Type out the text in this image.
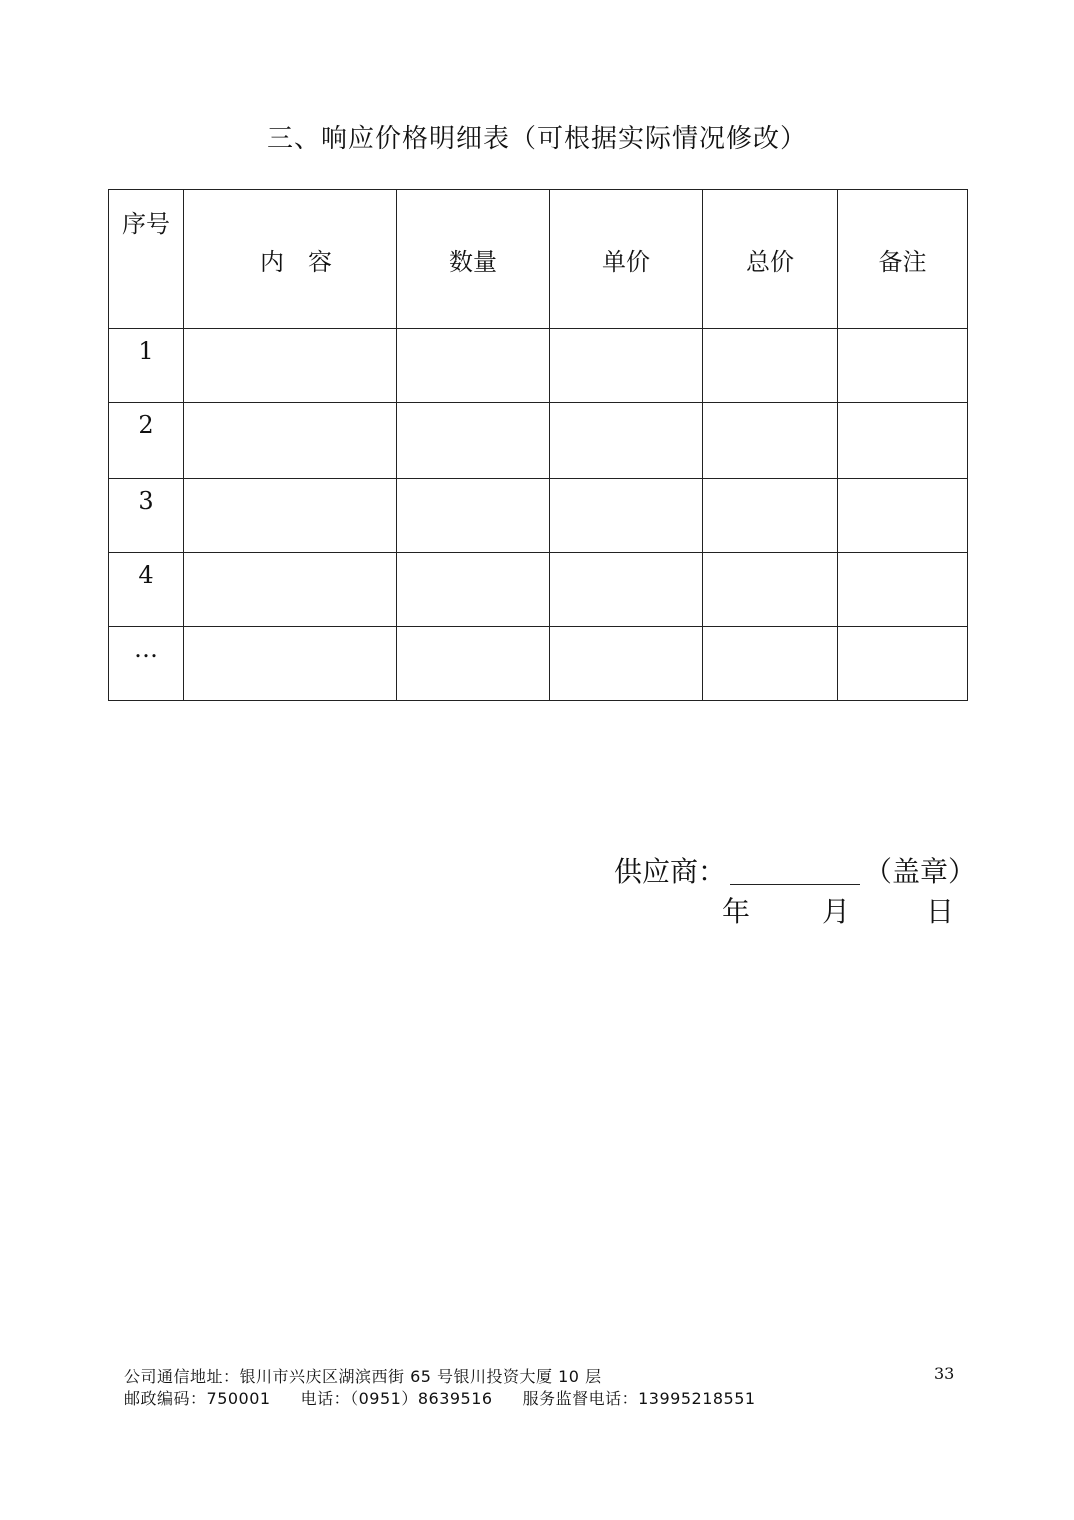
三、响应价格明细表（可根据实际情况修改）
序号	内　容	数量	单价	总价	备注
1					
2					
3					
4					
…					
供应商：	（盖章）
年	月	日
公司通信地址：银川市兴庆区湖滨西街 65 号银川投资大厦 10 层
邮政编码：750001 电话：（0951）8639516 服务监督电话：13995218551
33
